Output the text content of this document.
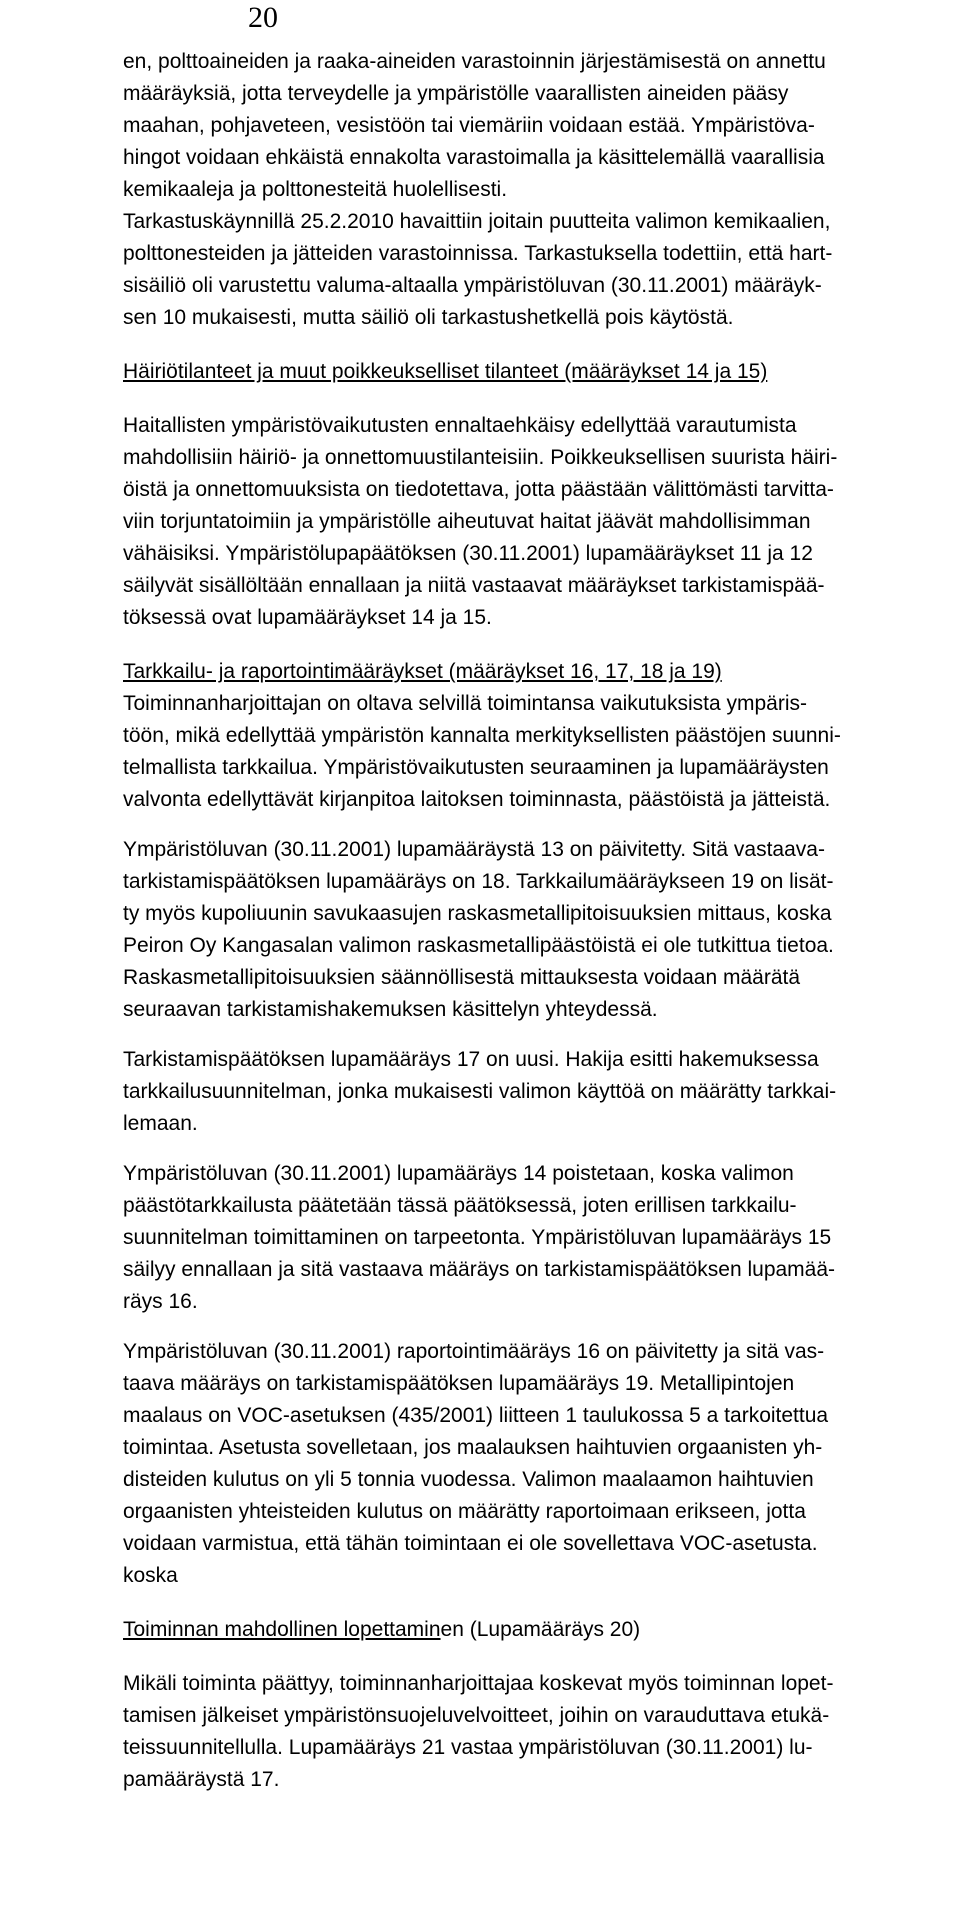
20

en, polttoaineiden ja raaka-aineiden varastoinnin järjestämisestä on annettu

määräyksiä, jotta terveydelle ja ympäristölle vaarallisten aineiden pääsy

maahan, pohjaveteen, vesistöön tai viemäriin voidaan estää. Ympäristöva-

hingot voidaan ehkäistä ennakolta varastoimalla ja käsittelemällä vaarallisia

kemikaaleja ja polttonesteitä huolellisesti.

Tarkastuskäynnillä 25.2.2010 havaittiin joitain puutteita valimon kemikaalien,

polttonesteiden ja jätteiden varastoinnissa. Tarkastuksella todettiin, että hart-

sisäiliö oli varustettu valuma-altaalla ympäristöluvan (30.11.2001) määräyk-

sen 10 mukaisesti, mutta säiliö oli tarkastushetkellä pois käytöstä.

Häiriötilanteet ja muut poikkeukselliset tilanteet (määräykset 14 ja 15)

Haitallisten ympäristövaikutusten ennaltaehkäisy edellyttää varautumista

mahdollisiin häiriö- ja onnettomuustilanteisiin. Poikkeuksellisen suurista häiri-

öistä ja onnettomuuksista on tiedotettava, jotta päästään välittömästi tarvitta-

viin torjuntatoimiin ja ympäristölle aiheutuvat haitat jäävät mahdollisimman

vähäisiksi. Ympäristölupapäätöksen (30.11.2001) lupamääräykset 11 ja 12

säilyvät sisällöltään ennallaan ja niitä vastaavat määräykset tarkistamispää-

töksessä ovat lupamääräykset 14 ja 15.

Tarkkailu- ja raportointimääräykset (määräykset 16, 17, 18 ja 19)

Toiminnanharjoittajan on oltava selvillä toimintansa vaikutuksista ympäris-

töön, mikä edellyttää ympäristön kannalta merkityksellisten päästöjen suunni-

telmallista tarkkailua. Ympäristövaikutusten seuraaminen ja lupamääräysten

valvonta edellyttävät kirjanpitoa laitoksen toiminnasta, päästöistä ja jätteistä.

Ympäristöluvan (30.11.2001) lupamääräystä 13 on päivitetty. Sitä vastaava-

tarkistamispäätöksen lupamääräys on 18. Tarkkailumääräykseen 19 on lisät-

ty myös kupoliuunin savukaasujen raskasmetallipitoisuuksien mittaus, koska

Peiron Oy Kangasalan valimon raskasmetallipäästöistä ei ole tutkittua tietoa.

Raskasmetallipitoisuuksien säännöllisestä mittauksesta voidaan määrätä

seuraavan tarkistamishakemuksen käsittelyn yhteydessä.

Tarkistamispäätöksen lupamääräys 17 on uusi. Hakija esitti hakemuksessa

tarkkailusuunnitelman, jonka mukaisesti valimon käyttöä on määrätty tarkkai-

lemaan.

Ympäristöluvan (30.11.2001) lupamääräys 14 poistetaan, koska valimon

päästötarkkailusta päätetään tässä päätöksessä, joten erillisen tarkkailu-

suunnitelman toimittaminen on tarpeetonta. Ympäristöluvan lupamääräys 15

säilyy ennallaan ja sitä vastaava määräys on tarkistamispäätöksen lupamää-

räys 16.

Ympäristöluvan (30.11.2001) raportointimääräys 16 on päivitetty ja sitä vas-

taava määräys on tarkistamispäätöksen lupamääräys 19. Metallipintojen

maalaus on VOC-asetuksen (435/2001) liitteen 1 taulukossa 5 a tarkoitettua

toimintaa. Asetusta sovelletaan, jos maalauksen haihtuvien orgaanisten yh-

disteiden kulutus on yli 5 tonnia vuodessa. Valimon maalaamon haihtuvien

orgaanisten yhteisteiden kulutus on määrätty raportoimaan erikseen, jotta

voidaan varmistua, että tähän toimintaan ei ole sovellettava VOC-asetusta.

koska

Toiminnan mahdollinen lopettaminen (Lupamääräys 20)

Mikäli toiminta päättyy, toiminnanharjoittajaa koskevat myös toiminnan lopet-

tamisen jälkeiset ympäristönsuojeluvelvoitteet, joihin on varauduttava etukä-

teissuunnitellulla. Lupamääräys 21 vastaa ympäristöluvan (30.11.2001) lu-

pamääräystä 17.
